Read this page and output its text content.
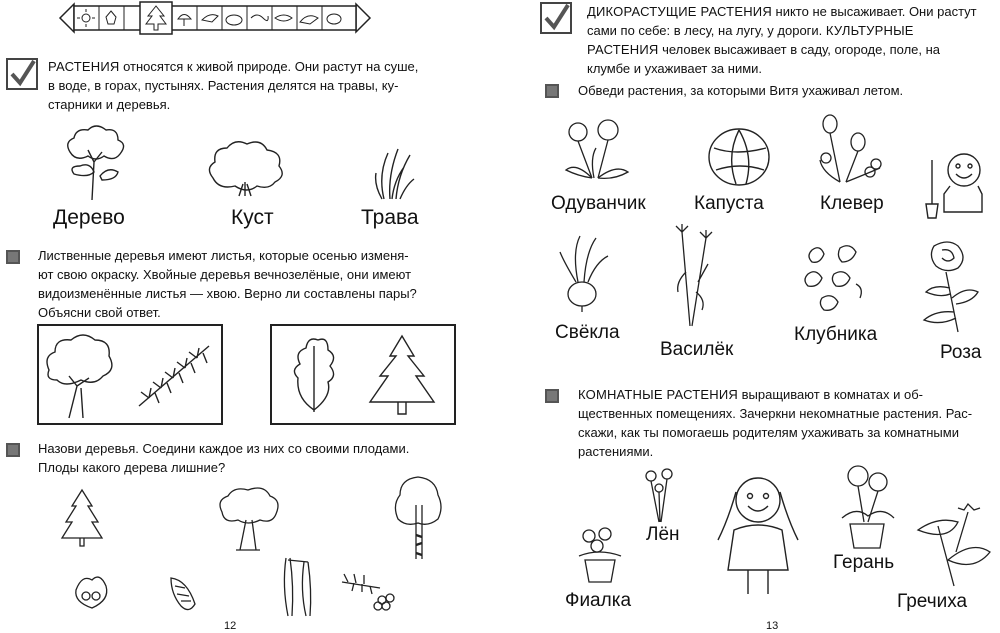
РАСТЕНИЯ относятся к живой природе. Они растут на суше,
в воде, в горах, пустынях. Растения делятся на травы, ку-
старники и деревья.
Дерево	Куст	Трава
Лиственные деревья имеют листья, которые осенью изменя-
ют свою окраску. Хвойные деревья вечнозелёные, они имеют
видоизменённые листья — хвою. Верно ли составлены пары?
Объясни свой ответ.
Назови деревья. Соедини каждое из них со своими плодами.
Плоды какого дерева лишние?
12
ДИКОРАСТУЩИЕ РАСТЕНИЯ никто не высаживает. Они растут
сами по себе: в лесу, на лугу, у дороги. КУЛЬТУРНЫЕ
РАСТЕНИЯ человек высаживает в саду, огороде, поле, на
клумбе и ухаживает за ними.
Обведи растения, за которыми Витя ухаживал летом.
Одуванчик	Капуста	Клевер
Свёкла
Василёк
Клубника
Роза
КОМНАТНЫЕ РАСТЕНИЯ выращивают в комнатах и об-
щественных помещениях. Зачеркни некомнатные растения. Рас-
скажи, как ты помогаешь родителям ухаживать за комнатными
растениями.
Лён
Фиалка
Герань
Гречиха
13
